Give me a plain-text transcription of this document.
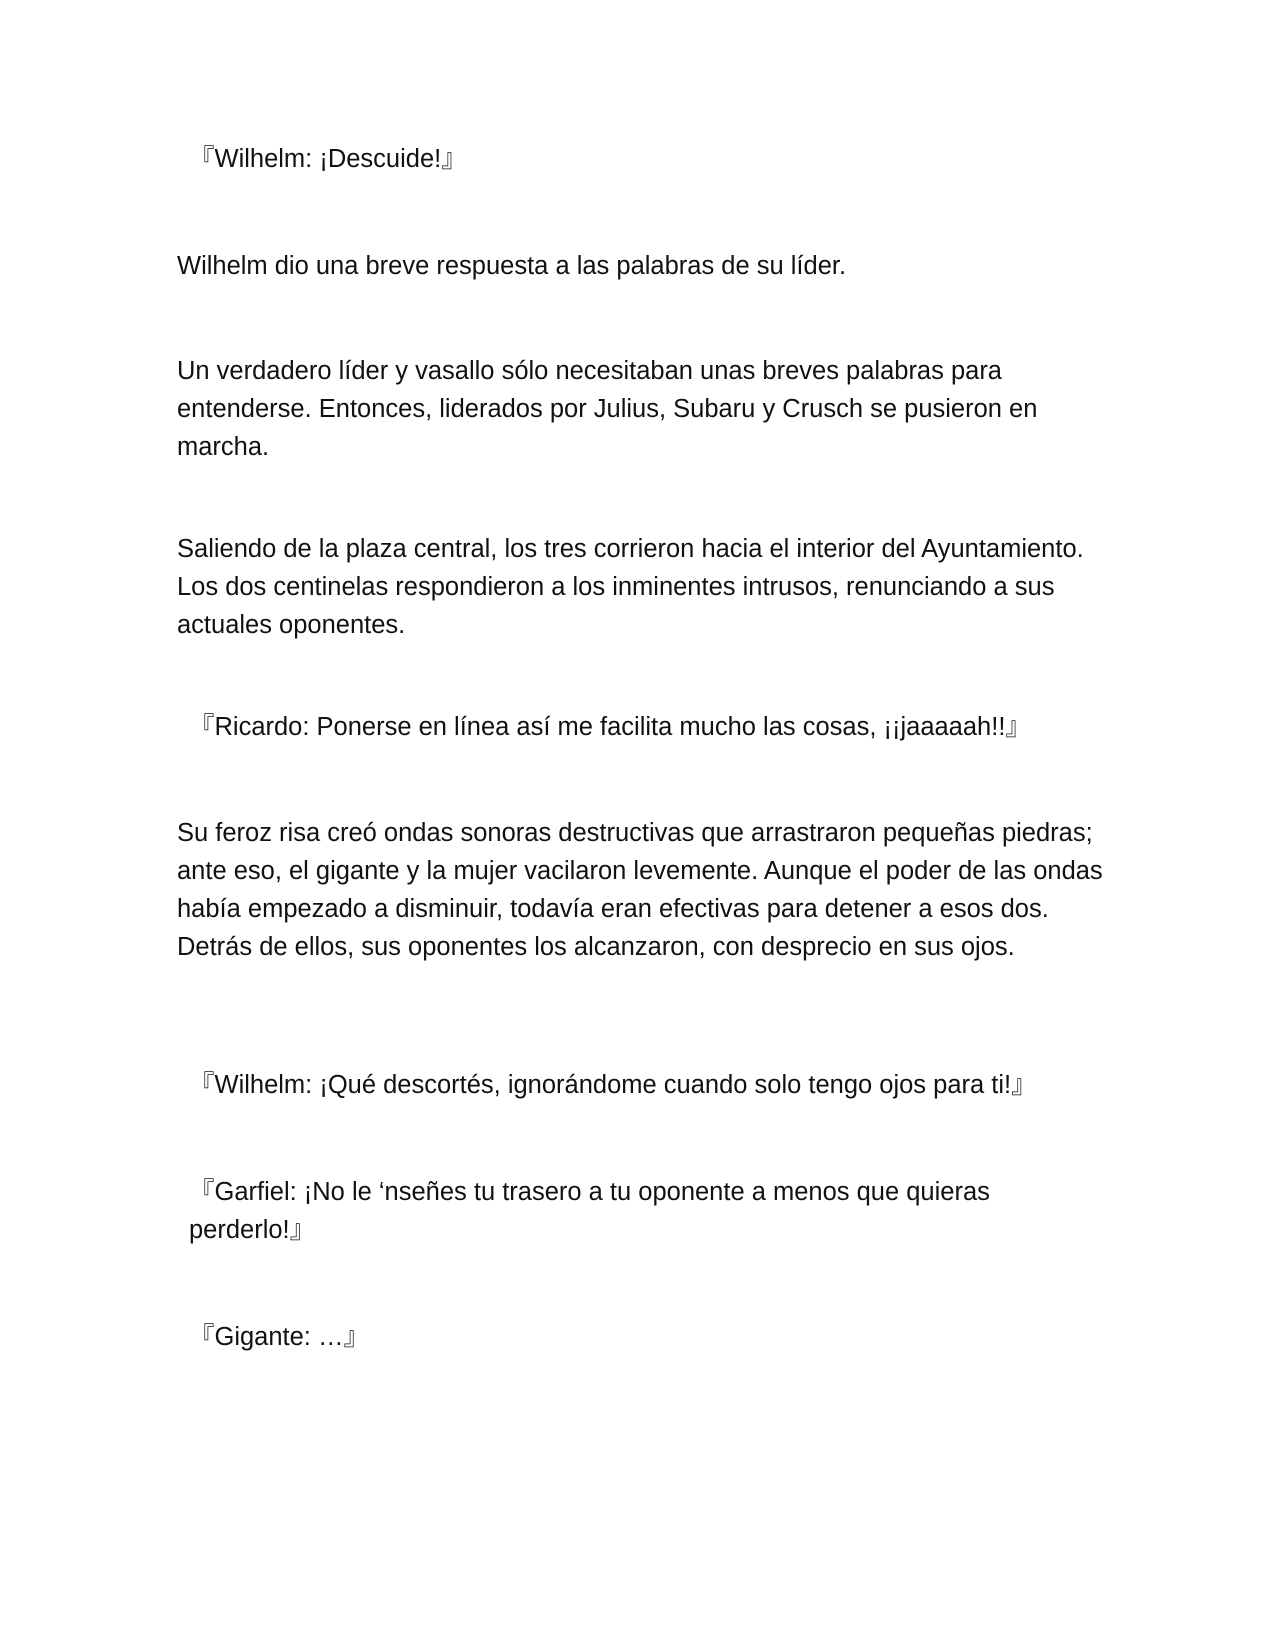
『Wilhelm: ¡Descuide!』

Wilhelm dio una breve respuesta a las palabras de su líder.

Un verdadero líder y vasallo sólo necesitaban unas breves palabras para entenderse. Entonces, liderados por Julius, Subaru y Crusch se pusieron en marcha.

Saliendo de la plaza central, los tres corrieron hacia el interior del Ayuntamiento. Los dos centinelas respondieron a los inminentes intrusos, renunciando a sus actuales oponentes.

『Ricardo: Ponerse en línea así me facilita mucho las cosas, ¡¡jaaaaah!!』

Su feroz risa creó ondas sonoras destructivas que arrastraron pequeñas piedras; ante eso, el gigante y la mujer vacilaron levemente. Aunque el poder de las ondas había empezado a disminuir, todavía eran efectivas para detener a esos dos. Detrás de ellos, sus oponentes los alcanzaron, con desprecio en sus ojos.

『Wilhelm: ¡Qué descortés, ignorándome cuando solo tengo ojos para ti!』

『Garfiel: ¡No le ‘nseñes tu trasero a tu oponente a menos que quieras perderlo!』

『Gigante: …』
